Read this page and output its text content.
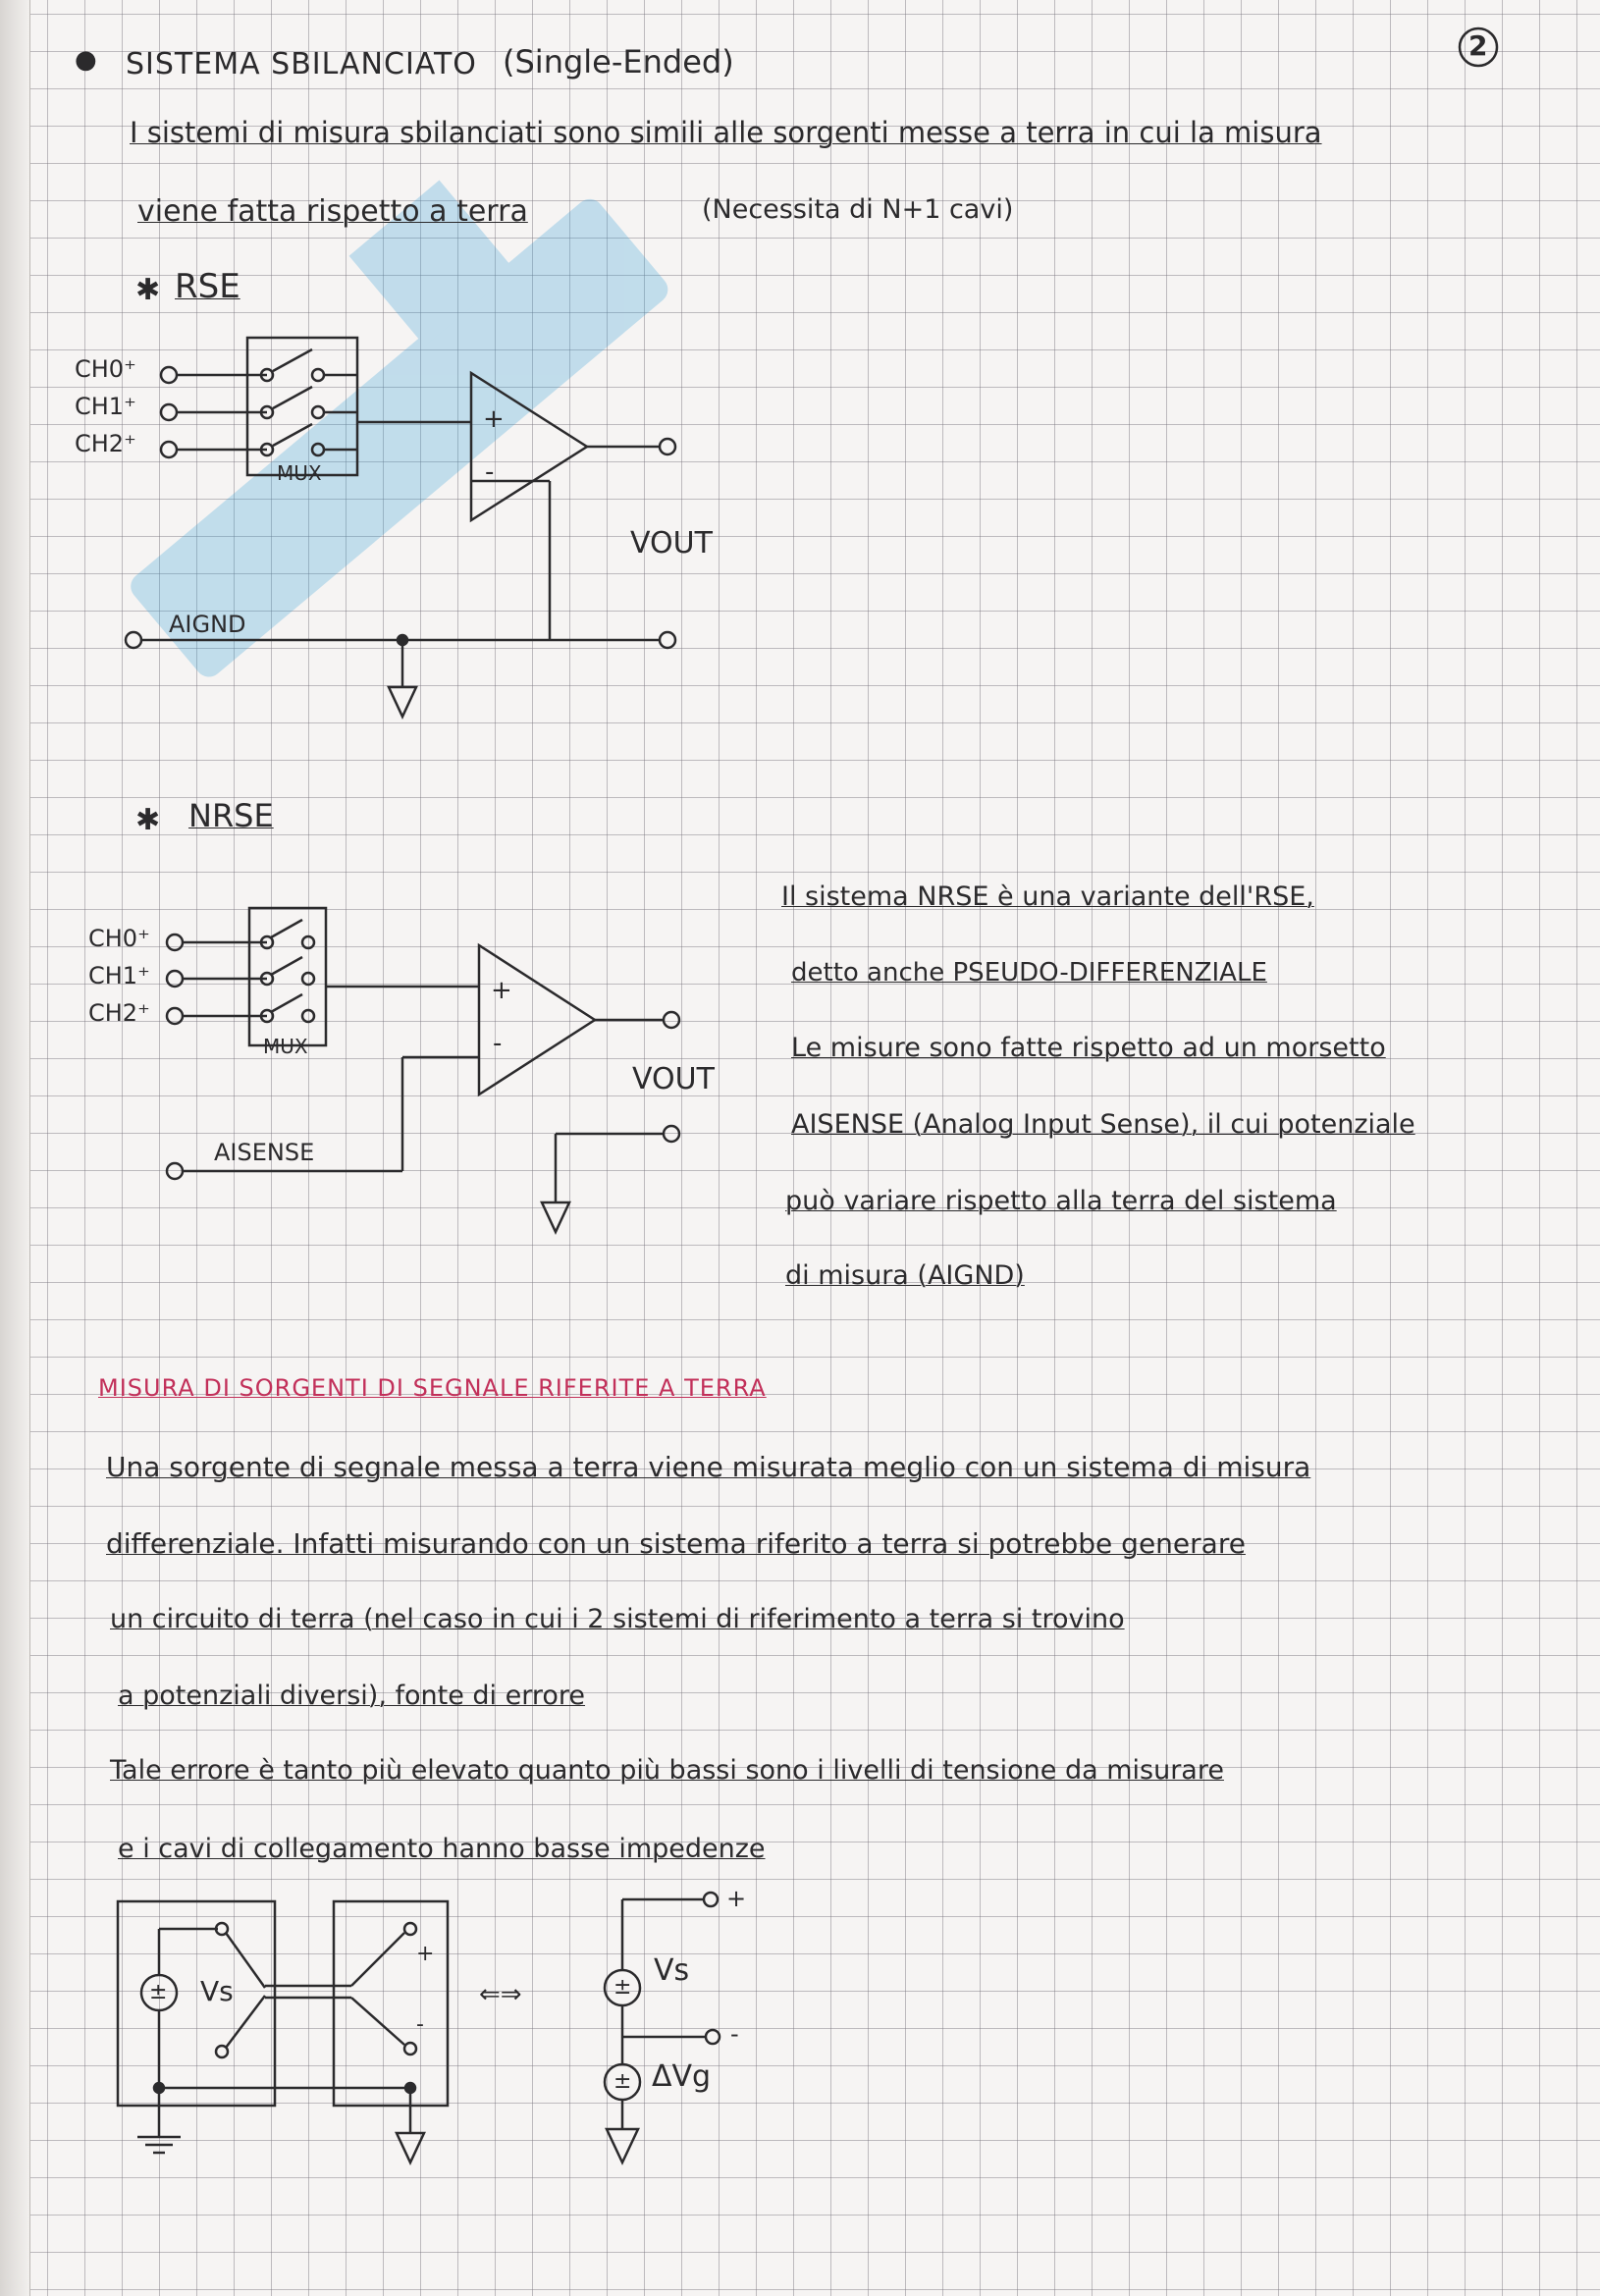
2
● SISTEMA SBILANCIATO (Single-Ended)
I sistemi di misura sbilanciati sono simili alle sorgenti messe a terra in cui la misura
viene fatta rispetto a terra	(Necessita di N+1 cavi)
✱ RSE
CH0⁺
CH1⁺
CH2⁺
MUX
+
-
VOUT
AIGND
✱ NRSE
CH0⁺
CH1⁺
CH2⁺
MUX
+
-
VOUT
AISENSE
Il sistema NRSE è una variante dell'RSE,
detto anche PSEUDO-DIFFERENZIALE
Le misure sono fatte rispetto ad un morsetto
AISENSE (Analog Input Sense), il cui potenziale
può variare rispetto alla terra del sistema
di misura (AIGND)
MISURA DI SORGENTI DI SEGNALE RIFERITE A TERRA
Una sorgente di segnale messa a terra viene misurata meglio con un sistema di misura
differenziale. Infatti misurando con un sistema riferito a terra si potrebbe generare
un circuito di terra (nel caso in cui i 2 sistemi di riferimento a terra si trovino
a potenziali diversi), fonte di errore
Tale errore è tanto più elevato quanto più bassi sono i livelli di tensione da misurare
e i cavi di collegamento hanno basse impedenze
± Vs
+
-
⇐⇒	± Vs
+
-
± ΔVg
